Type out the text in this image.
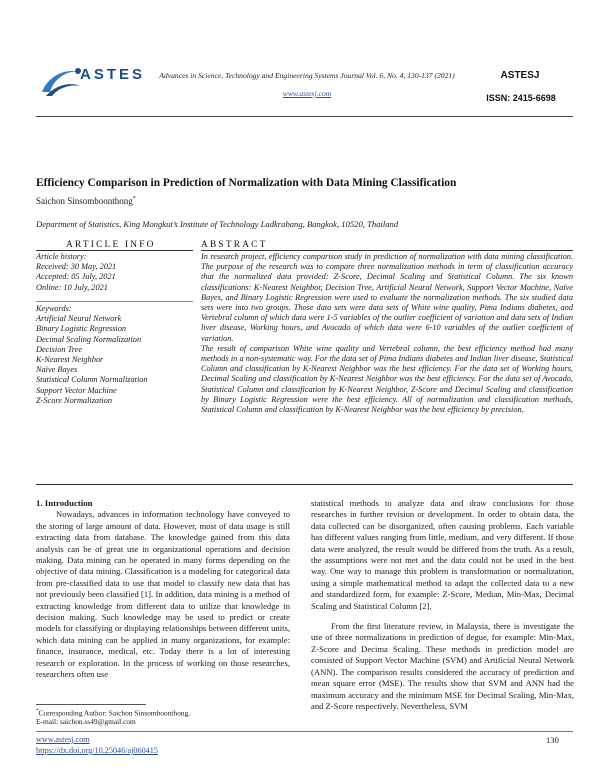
ASTES	Advances in Science, Technology and Engineering Systems Journal Vol. 6, No. 4, 130-137 (2021)
www.astesj.com
ASTESJ
ISSN: 2415-6698
Efficiency Comparison in Prediction of Normalization with Data Mining Classification
Saichon Sinsomboonthong*
Department of Statistics, King Mongkut’s Institute of Technology Ladkrabang, Bangkok, 10520, Thailand
ARTICLE INFO
Article history:
Received: 30 May, 2021
Accepted: 05 July, 2021
Online: 10 July, 2021
Keywords:
Artificial Neural Network
Binary Logistic Regression
Decimal Scaling Normalization
Decision Tree
K-Nearest Neighbor
Naïve Bayes
Statistical Column Normalization
Support Vector Machine
Z-Score Normalization
ABSTRACT

In research project, efficiency comparison study in prediction of normalization with data mining classification. The purpose of the research was to compare three normalization methods in term of classification accuracy that the normalized data provided: Z-Score, Decimal Scaling and Statistical Column. The six known classifications: K-Nearest Neighbor, Decision Tree, Artificial Neural Network, Support Vector Machine, Naïve Bayes, and Binary Logistic Regression were used to evaluate the normalization methods. The six studied data sets were into two groups. Those data sets were data sets of White wine quality, Pima Indians diabetes, and Vertebral column of which data were 1-5 variables of the outlier coefficient of variation and data sets of Indian liver disease, Working hours, and Avocado of which data were 6-10 variables of the outlier coefficient of variation.

The result of comparison White wine quality and Vertebral column, the best efficiency method had many methods in a non-systematic way. For the data set of Pima Indians diabetes and Indian liver disease, Statistical Column and classification by K-Nearest Neighbor was the best efficiency. For the data set of Working hours, Decimal Scaling and classification by K-Nearest Neighbor was the best efficiency. For the data set of Avocado, Statistical Column and classification by K-Nearest Neighbor, Z-Score and Decimal Scaling and classification by Binary Logistic Regression were the best efficiency. All of normalization and classification methods, Statistical Column and classification by K-Nearest Neighbor was the best efficiency by precision.

1. Introduction

Nowadays, advances in information technology have conveyed to the storing of large amount of data. However, most of data usage is still extracting data from database. The knowledge gained from this data analysis can be of great use in organizational operations and decision making. Data mining can be operated in many forms depending on the objective of data mining. Classification is a modeling for categorical data from pre-classified data to use that model to classify new data that has not previously been classified [1]. In addition, data mining is a method of extracting knowledge from different data to utilize that knowledge in decision making. Such knowledge may be used to predict or create models for classifying or displaying relationships between different units, which data mining can be applied in many organizations, for example: finance, insurance, medical, etc. Today there is a lot of interesting research or exploration. In the process of working on those researches, researchers often use

statistical methods to analyze data and draw conclusions for those researches in further revision or development. In order to obtain data, the data collected can be disorganized, often causing problems. Each variable has different values ranging from little, medium, and very different. If those data were analyzed, the result would be differed from the truth. As a result, the assumptions were not met and the data could not be used in the best way. One way to manage this problem is transformation or normalization, using a simple mathematical method to adapt the collected data to a new and standardized form, for example: Z-Score, Median, Min-Max, Decimal Scaling and Statistical Column [2].

From the first literature review, in Malaysia, there is investigate the use of three normalizations in prediction of degue, for example: Min-Max, Z-Score and Decima Scaling. These methods in prediction model are consisted of Support Vector Machine (SVM) and Artificial Neural Network (ANN). The comparison results considered the accuracy of prediction and mean square error (MSE). The results show that SVM and ANN had the maximum accuracy and the minimum MSE for Decimal Scaling, Min-Max, and Z-Score respectively. Nevertheless, SVM

*Corresponding Author: Saichon Sinsomboonthong,
E-mail: saichon.ss49@gmail.com
www.astesj.com
https://dx.doi.org/10.25046/aj060415
130
